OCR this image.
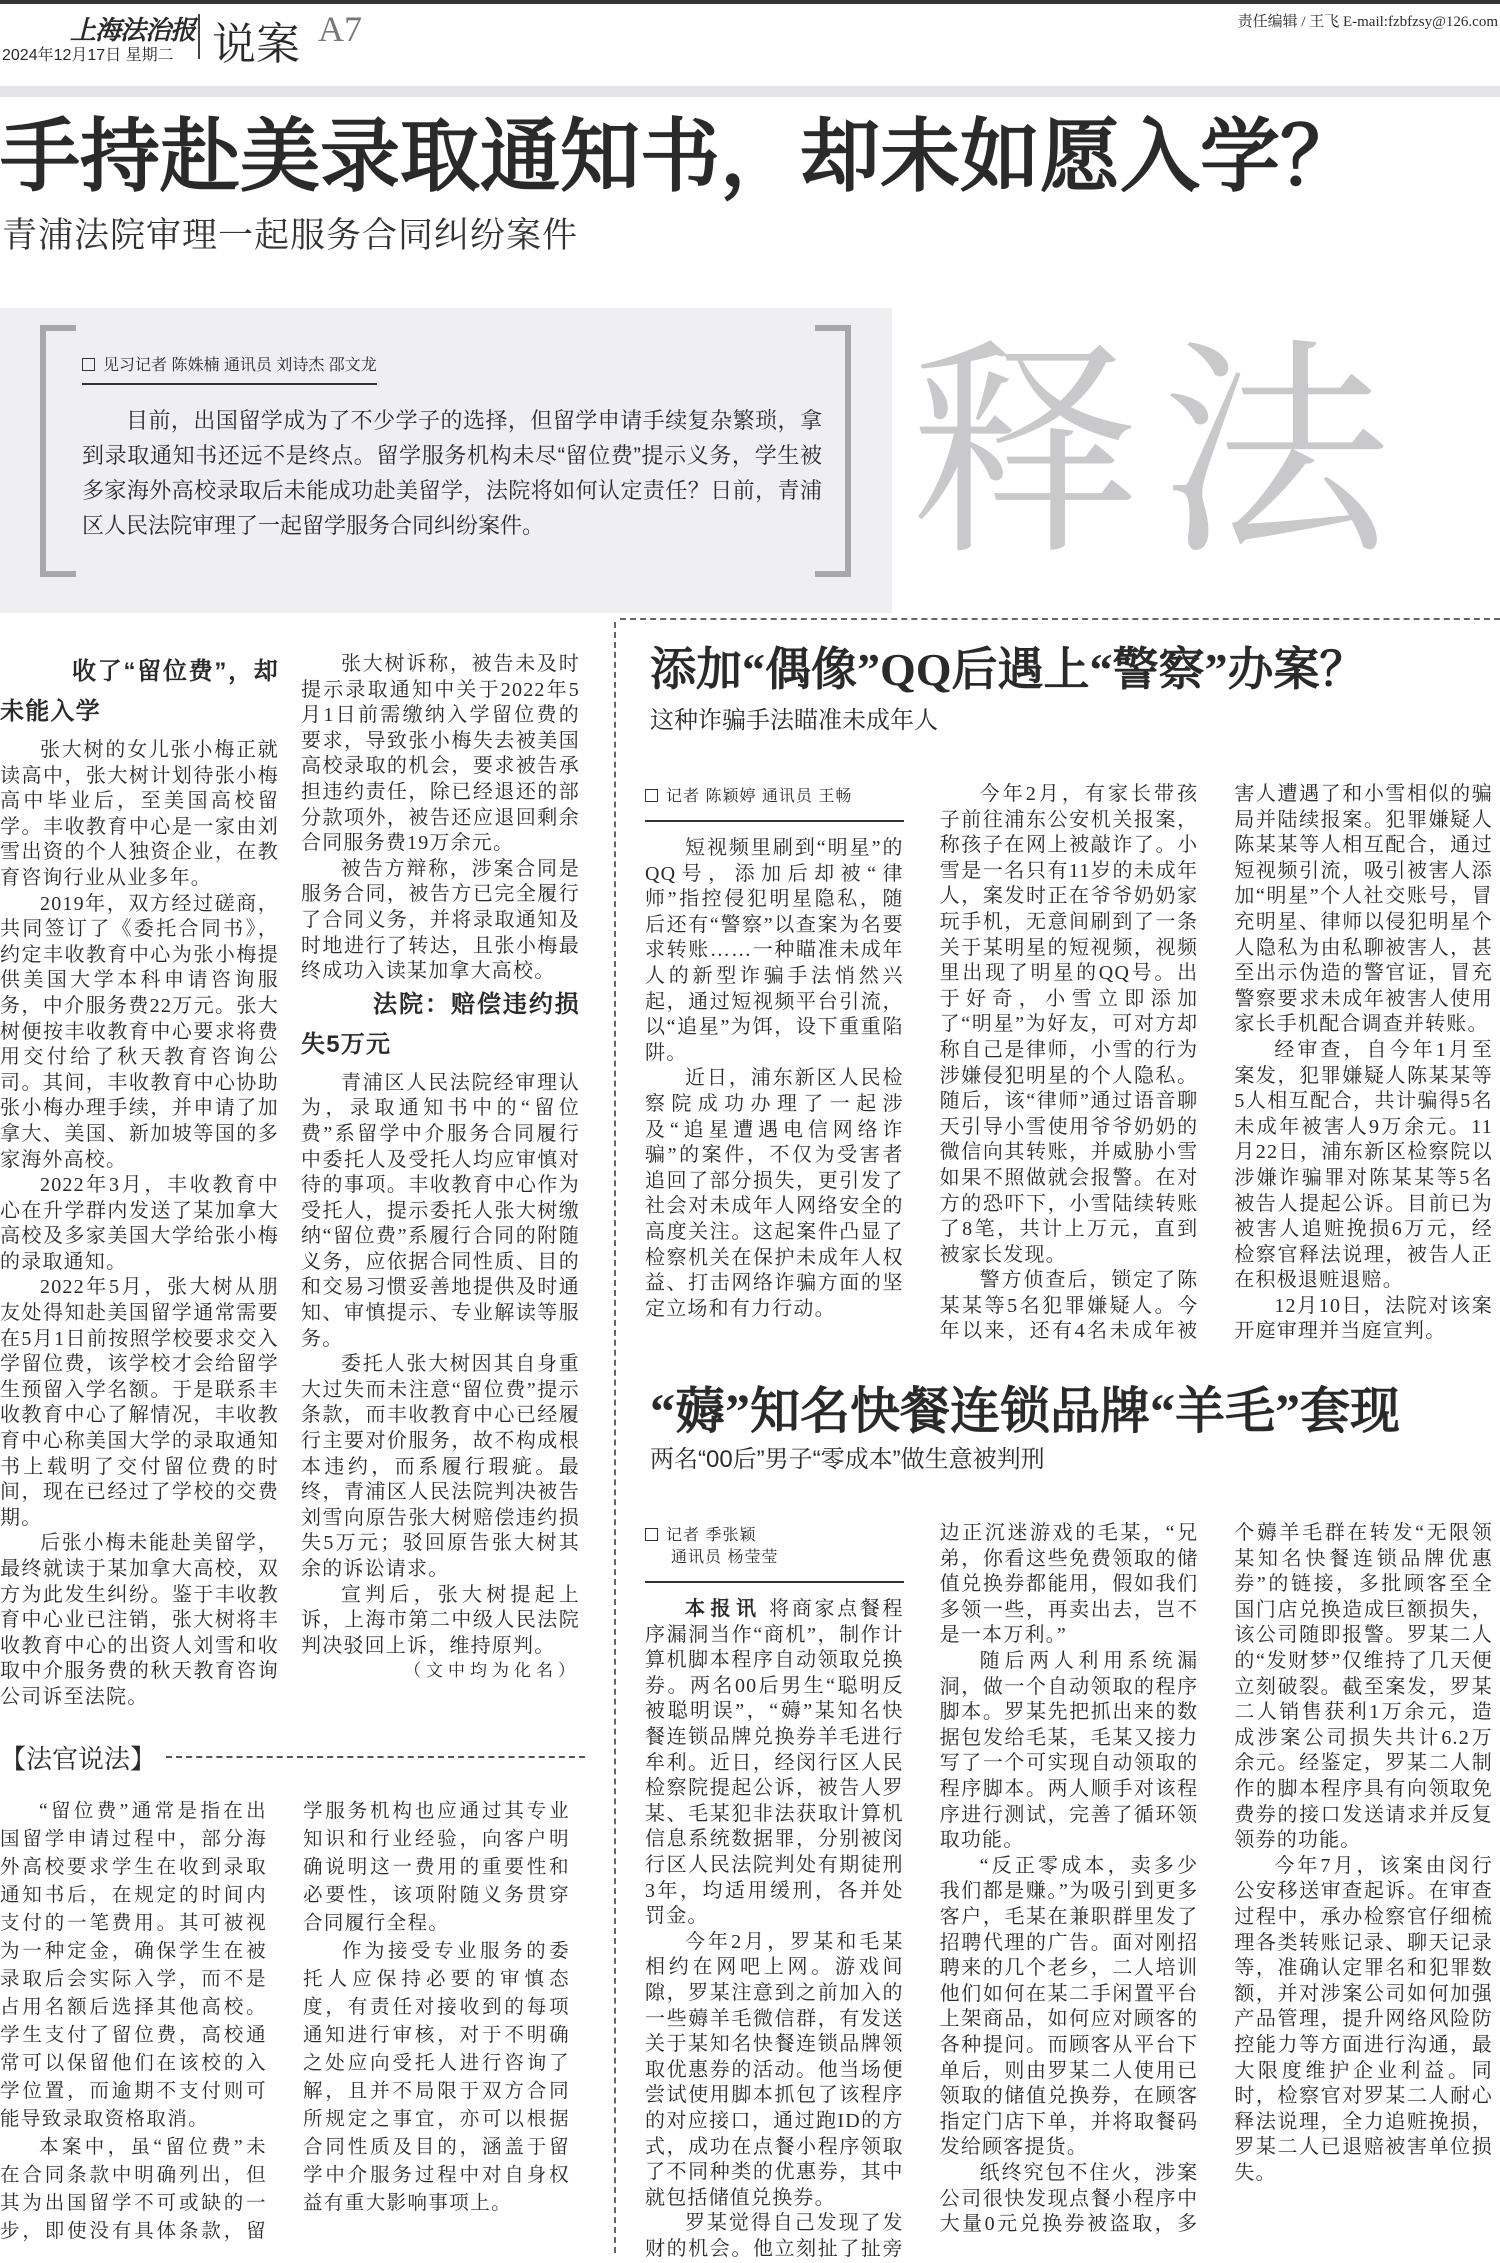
上海法治报
2024年12月17日 星期二 说案 A7	责任编辑 / 王飞 E-mail:fzbfzsy@126.com
手持赴美录取通知书，却未如愿入学？
青浦法院审理一起服务合同纠纷案件
见习记者 陈姝楠 通讯员 刘诗杰 邵文龙

目前，出国留学成为了不少学子的选择，但留学申请手续复杂繁琐，拿到录取通知书还远不是终点。留学服务机构未尽“留位费”提示义务，学生被多家海外高校录取后未能成功赴美留学，法院将如何认定责任？日前，青浦区人民法院审理了一起留学服务合同纠纷案件。	释法
收了“留位费”，却未能入学

张大树的女儿张小梅正就读高中，张大树计划待张小梅高中毕业后，至美国高校留学。丰收教育中心是一家由刘雪出资的个人独资企业，在教育咨询行业从业多年。

2019年，双方经过磋商，共同签订了《委托合同书》，约定丰收教育中心为张小梅提供美国大学本科申请咨询服务，中介服务费22万元。张大树便按丰收教育中心要求将费用交付给了秋天教育咨询公司。其间，丰收教育中心协助张小梅办理手续，并申请了加拿大、美国、新加坡等国的多家海外高校。

2022年3月，丰收教育中心在升学群内发送了某加拿大高校及多家美国大学给张小梅的录取通知。

2022年5月，张大树从朋友处得知赴美国留学通常需要在5月1日前按照学校要求交入学留位费，该学校才会给留学生预留入学名额。于是联系丰收教育中心了解情况，丰收教育中心称美国大学的录取通知书上载明了交付留位费的时间，现在已经过了学校的交费期。

后张小梅未能赴美留学，最终就读于某加拿大高校，双方为此发生纠纷。鉴于丰收教育中心业已注销，张大树将丰收教育中心的出资人刘雪和收取中介服务费的秋天教育咨询公司诉至法院。

张大树诉称，被告未及时提示录取通知中关于2022年5月1日前需缴纳入学留位费的要求，导致张小梅失去被美国高校录取的机会，要求被告承担违约责任，除已经退还的部分款项外，被告还应退回剩余合同服务费19万余元。

被告方辩称，涉案合同是服务合同，被告方已完全履行了合同义务，并将录取通知及时地进行了转达，且张小梅最终成功入读某加拿大高校。

法院：赔偿违约损失5万元

青浦区人民法院经审理认为，录取通知书中的“留位费”系留学中介服务合同履行中委托人及受托人均应审慎对待的事项。丰收教育中心作为受托人，提示委托人张大树缴纳“留位费”系履行合同的附随义务，应依据合同性质、目的和交易习惯妥善地提供及时通知、审慎提示、专业解读等服务。

委托人张大树因其自身重大过失而未注意“留位费”提示条款，而丰收教育中心已经履行主要对价服务，故不构成根本违约，而系履行瑕疵。最终，青浦区人民法院判决被告刘雪向原告张大树赔偿违约损失5万元；驳回原告张大树其余的诉讼请求。

宣判后，张大树提起上诉，上海市第二中级人民法院判决驳回上诉，维持原判。

（文中均为化名）

【法官说法】

“留位费”通常是指在出国留学申请过程中，部分海外高校要求学生在收到录取通知书后，在规定的时间内支付的一笔费用。其可被视为一种定金，确保学生在被录取后会实际入学，而不是占用名额后选择其他高校。学生支付了留位费，高校通常可以保留他们在该校的入学位置，而逾期不支付则可能导致录取资格取消。

本案中，虽“留位费”未在合同条款中明确列出，但其为出国留学不可或缺的一步，即使没有具体条款，留学服务机构也应通过其专业知识和行业经验，向客户明确说明这一费用的重要性和必要性，该项附随义务贯穿合同履行全程。

作为接受专业服务的委托人应保持必要的审慎态度，有责任对接收到的每项通知进行审核，对于不明确之处应向受托人进行咨询了解，且并不局限于双方合同所规定之事宜，亦可以根据合同性质及目的，涵盖于留学中介服务过程中对自身权益有重大影响事项上。

添加“偶像”QQ后遇上“警察”办案？
这种诈骗手法瞄准未成年人

记者 陈颖婷 通讯员 王畅

短视频里刷到“明星”的QQ号，添加后却被“律师”指控侵犯明星隐私，随后还有“警察”以查案为名要求转账……一种瞄准未成年人的新型诈骗手法悄然兴起，通过短视频平台引流，以“追星”为饵，设下重重陷阱。

近日，浦东新区人民检察院成功办理了一起涉及“追星遭遇电信网络诈骗”的案件，不仅为受害者追回了部分损失，更引发了社会对未成年人网络安全的高度关注。这起案件凸显了检察机关在保护未成年人权益、打击网络诈骗方面的坚定立场和有力行动。

今年2月，有家长带孩子前往浦东公安机关报案，称孩子在网上被敲诈了。小雪是一名只有11岁的未成年人，案发时正在爷爷奶奶家玩手机，无意间刷到了一条关于某明星的短视频，视频里出现了明星的QQ号。出于好奇，小雪立即添加了“明星”为好友，可对方却称自己是律师，小雪的行为涉嫌侵犯明星的个人隐私。随后，该“律师”通过语音聊天引导小雪使用爷爷奶奶的微信向其转账，并威胁小雪如果不照做就会报警。在对方的恐吓下，小雪陆续转账了8笔，共计上万元，直到被家长发现。

警方侦查后，锁定了陈某某等5名犯罪嫌疑人。今年以来，还有4名未成年被害人遭遇了和小雪相似的骗局并陆续报案。犯罪嫌疑人陈某某等人相互配合，通过短视频引流，吸引被害人添加“明星”个人社交账号，冒充明星、律师以侵犯明星个人隐私为由私聊被害人，甚至出示伪造的警官证，冒充警察要求未成年被害人使用家长手机配合调查并转账。

经审查，自今年1月至案发，犯罪嫌疑人陈某某等5人相互配合，共计骗得5名未成年被害人9万余元。11月22日，浦东新区检察院以涉嫌诈骗罪对陈某某等5名被告人提起公诉。目前已为被害人追赃挽损6万元，经检察官释法说理，被告人正在积极退赃退赔。

12月10日，法院对该案开庭审理并当庭宣判。

“薅”知名快餐连锁品牌“羊毛”套现
两名“00后”男子“零成本”做生意被判刑
记者 季张颖
通讯员 杨莹莹

本报讯 将商家点餐程序漏洞当作“商机”，制作计算机脚本程序自动领取兑换券。两名00后男生“聪明反被聪明误”，“薅”某知名快餐连锁品牌兑换券羊毛进行牟利。近日，经闵行区人民检察院提起公诉，被告人罗某、毛某犯非法获取计算机信息系统数据罪，分别被闵行区人民法院判处有期徒刑3年，均适用缓刑，各并处罚金。

今年2月，罗某和毛某相约在网吧上网。游戏间隙，罗某注意到之前加入的一些薅羊毛微信群，有发送关于某知名快餐连锁品牌领取优惠券的活动。他当场便尝试使用脚本抓包了该程序的对应接口，通过跑ID的方式，成功在点餐小程序领取了不同种类的优惠券，其中就包括储值兑换券。

罗某觉得自己发现了发财的机会。他立刻扯了扯旁边正沉迷游戏的毛某，“兄弟，你看这些免费领取的储值兑换券都能用，假如我们多领一些，再卖出去，岂不是一本万利。”

随后两人利用系统漏洞，做一个自动领取的程序脚本。罗某先把抓出来的数据包发给毛某，毛某又接力写了一个可实现自动领取的程序脚本。两人顺手对该程序进行测试，完善了循环领取功能。

“反正零成本，卖多少我们都是赚。”为吸引到更多客户，毛某在兼职群里发了招聘代理的广告。面对刚招聘来的几个老乡，二人培训他们如何在某二手闲置平台上架商品，如何应对顾客的各种提问。而顾客从平台下单后，则由罗某二人使用已领取的储值兑换券，在顾客指定门店下单，并将取餐码发给顾客提货。

纸终究包不住火，涉案公司很快发现点餐小程序中大量0元兑换券被盗取，多个薅羊毛群在转发“无限领某知名快餐连锁品牌优惠券”的链接，多批顾客至全国门店兑换造成巨额损失，该公司随即报警。罗某二人的“发财梦”仅维持了几天便立刻破裂。截至案发，罗某二人销售获利1万余元，造成涉案公司损失共计6.2万余元。经鉴定，罗某二人制作的脚本程序具有向领取免费券的接口发送请求并反复领券的功能。

今年7月，该案由闵行公安移送审查起诉。在审查过程中，承办检察官仔细梳理各类转账记录、聊天记录等，准确认定罪名和犯罪数额，并对涉案公司如何加强产品管理，提升网络风险防控能力等方面进行沟通，最大限度维护企业利益。同时，检察官对罗某二人耐心释法说理，全力追赃挽损，罗某二人已退赔被害单位损失。
